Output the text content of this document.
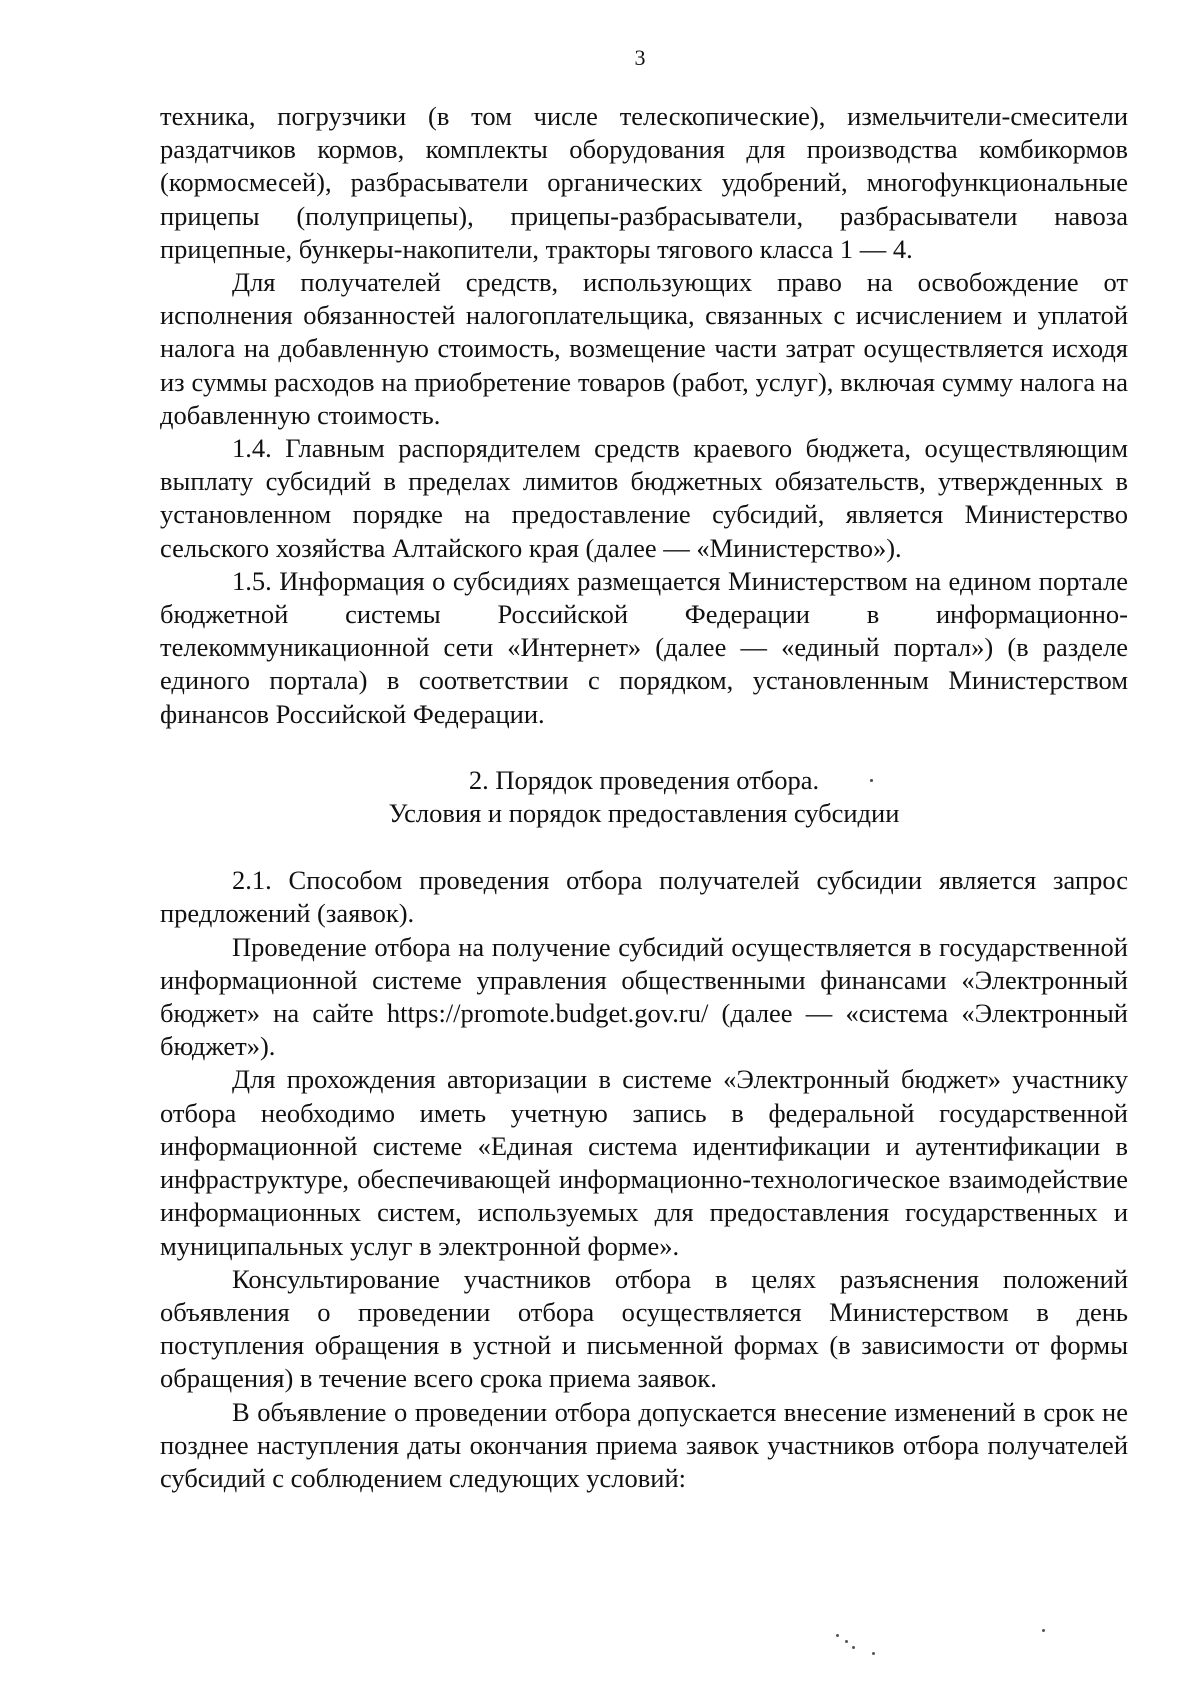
3

техника, погрузчики (в том числе телескопические), измельчители-смесители раздатчиков кормов, комплекты оборудования для производства комбикормов (кормосмесей), разбрасыватели органических удобрений, многофункциональные прицепы (полуприцепы), прицепы-разбрасыватели, разбрасыватели навоза прицепные, бункеры-накопители, тракторы тягового класса 1 — 4.

Для получателей средств, использующих право на освобождение от исполнения обязанностей налогоплательщика, связанных с исчислением и уплатой налога на добавленную стоимость, возмещение части затрат осуществляется исходя из суммы расходов на приобретение товаров (работ, услуг), включая сумму налога на добавленную стоимость.

1.4. Главным распорядителем средств краевого бюджета, осуществляющим выплату субсидий в пределах лимитов бюджетных обязательств, утвержденных в установленном порядке на предоставление субсидий, является Министерство сельского хозяйства Алтайского края (далее — «Министерство»).

1.5. Информация о субсидиях размещается Министерством на едином портале бюджетной системы Российской Федерации в информационно-телекоммуникационной сети «Интернет» (далее — «единый портал») (в разделе единого портала) в соответствии с порядком, установленным Министерством финансов Российской Федерации.

2. Порядок проведения отбора.
Условия и порядок предоставления субсидии

2.1. Способом проведения отбора получателей субсидии является запрос предложений (заявок).

Проведение отбора на получение субсидий осуществляется в государственной информационной системе управления общественными финансами «Электронный бюджет» на сайте https://promote.budget.gov.ru/ (далее — «система «Электронный бюджет»).

Для прохождения авторизации в системе «Электронный бюджет» участнику отбора необходимо иметь учетную запись в федеральной государственной информационной системе «Единая система идентификации и аутентификации в инфраструктуре, обеспечивающей информационно-технологическое взаимодействие информационных систем, используемых для предоставления государственных и муниципальных услуг в электронной форме».

Консультирование участников отбора в целях разъяснения положений объявления о проведении отбора осуществляется Министерством в день поступления обращения в устной и письменной формах (в зависимости от формы обращения) в течение всего срока приема заявок.

В объявление о проведении отбора допускается внесение изменений в срок не позднее наступления даты окончания приема заявок участников отбора получателей субсидий с соблюдением следующих условий:
